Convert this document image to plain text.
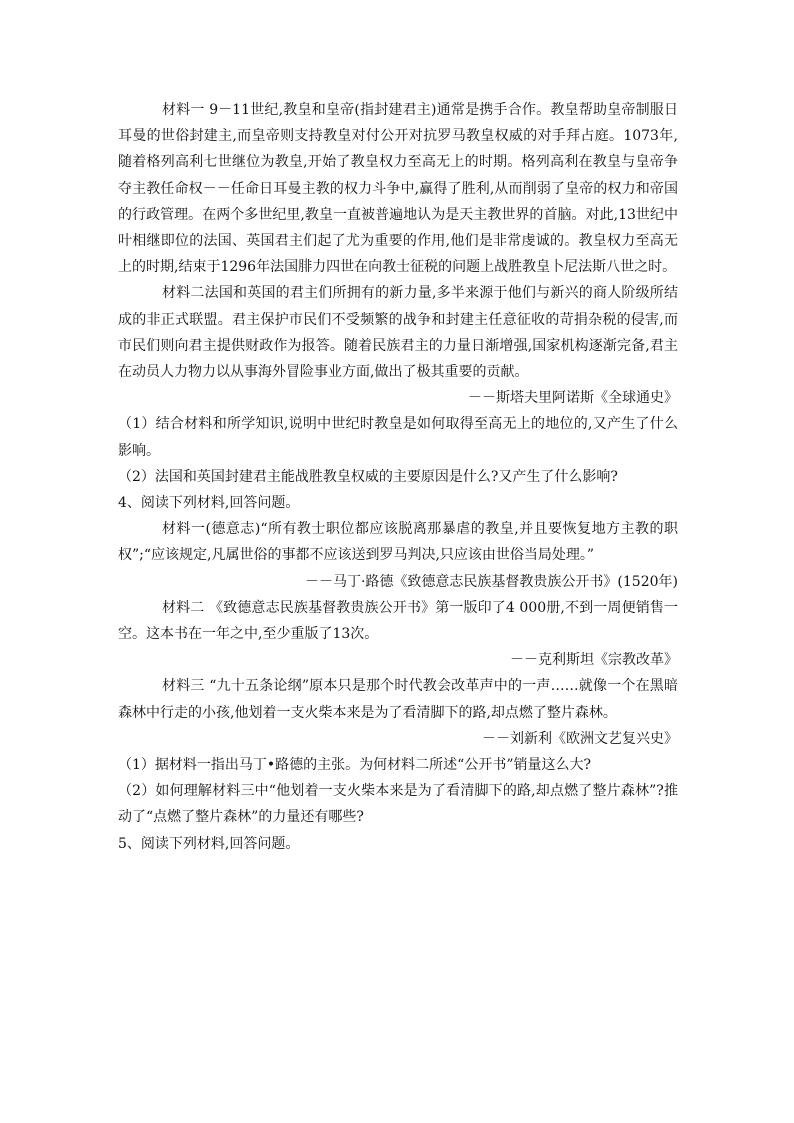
材料一 9－11世纪,教皇和皇帝(指封建君主)通常是携手合作。教皇帮助皇帝制服日耳曼的世俗封建主,而皇帝则支持教皇对付公开对抗罗马教皇权威的对手拜占庭。1073年,随着格列高利七世继位为教皇,开始了教皇权力至高无上的时期。格列高利在教皇与皇帝争夺主教任命权－－任命日耳曼主教的权力斗争中,赢得了胜利,从而削弱了皇帝的权力和帝国的行政管理。在两个多世纪里,教皇一直被普遍地认为是天主教世界的首脑。对此,13世纪中叶相继即位的法国、英国君主们起了尤为重要的作用,他们是非常虔诚的。教皇权力至高无上的时期,结束于1296年法国腓力四世在向教士征税的问题上战胜教皇卜尼法斯八世之时。

材料二法国和英国的君主们所拥有的新力量,多半来源于他们与新兴的商人阶级所结成的非正式联盟。君主保护市民们不受频繁的战争和封建主任意征收的苛捐杂税的侵害,而市民们则向君主提供财政作为报答。随着民族君主的力量日渐增强,国家机构逐渐完备,君主在动员人力物力以从事海外冒险事业方面,做出了极其重要的贡献。

－－斯塔夫里阿诺斯《全球通史》

（1）结合材料和所学知识,说明中世纪时教皇是如何取得至高无上的地位的,又产生了什么影响。

（2）法国和英国封建君主能战胜教皇权威的主要原因是什么?又产生了什么影响?

4、阅读下列材料,回答问题。

材料一(德意志)“所有教士职位都应该脱离那暴虐的教皇,并且要恢复地方主教的职权”;“应该规定,凡属世俗的事都不应该送到罗马判决,只应该由世俗当局处理。”

－－马丁·路德《致德意志民族基督教贵族公开书》(1520年)

材料二 《致德意志民族基督教贵族公开书》第一版印了4 000册,不到一周便销售一空。这本书在一年之中,至少重版了13次。

－－克利斯坦《宗教改革》

材料三 “九十五条论纲”原本只是那个时代教会改革声中的一声……就像一个在黑暗森林中行走的小孩,他划着一支火柴本来是为了看清脚下的路,却点燃了整片森林。

－－刘新利《欧洲文艺复兴史》

（1）据材料一指出马丁•路德的主张。为何材料二所述“公开书”销量这么大?

（2）如何理解材料三中“他划着一支火柴本来是为了看清脚下的路,却点燃了整片森林”?推动了“点燃了整片森林”的力量还有哪些?

5、阅读下列材料,回答问题。
